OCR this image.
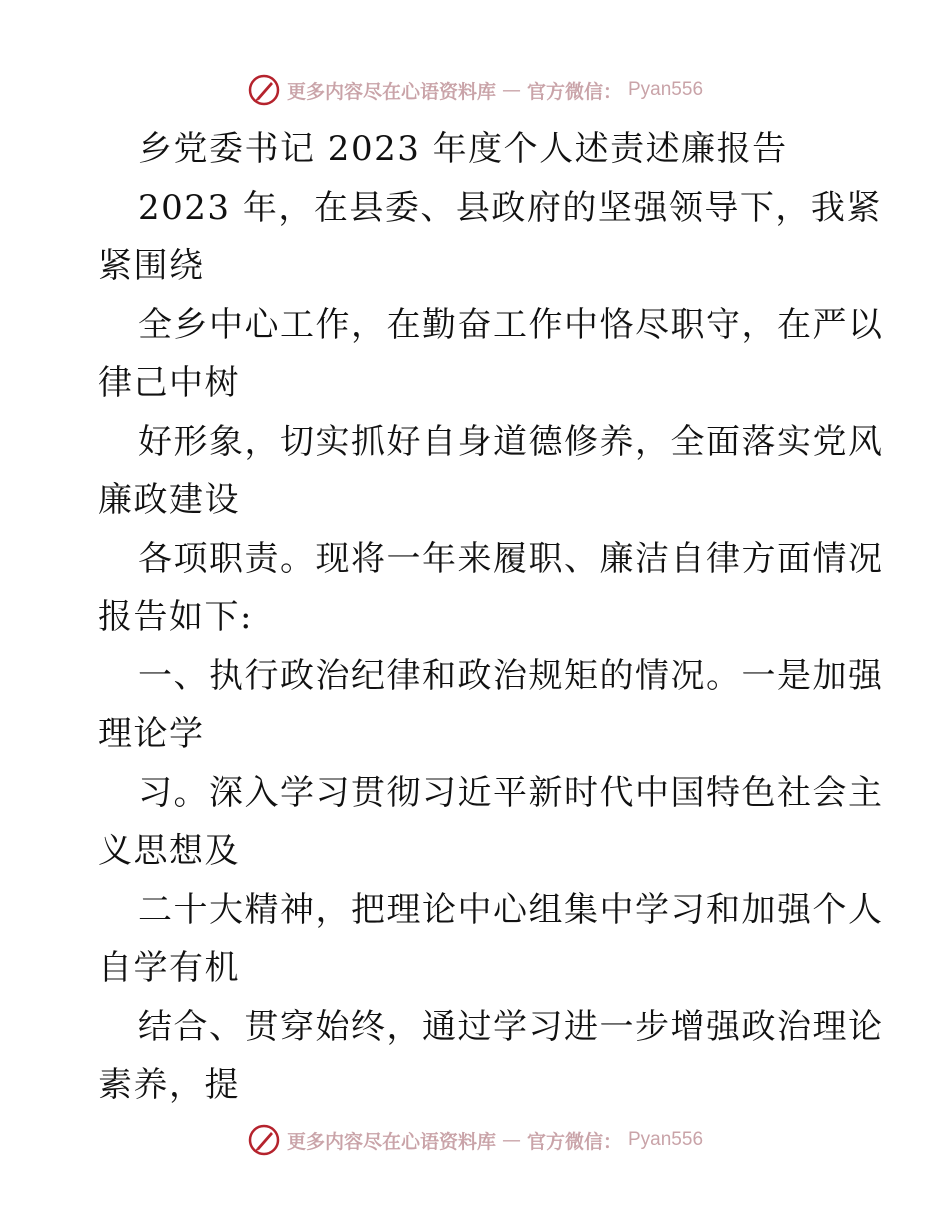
更多内容尽在心语资料库 — 官方微信： Pyan556
乡党委书记 2023 年度个人述责述廉报告
2023 年，在县委、县政府的坚强领导下，我紧
紧围绕
全乡中心工作，在勤奋工作中恪尽职守，在严以
律己中树
好形象，切实抓好自身道德修养，全面落实党风
廉政建设
各项职责。现将一年来履职、廉洁自律方面情况
报告如下:
一、执行政治纪律和政治规矩的情况。一是加强
理论学
习。深入学习贯彻习近平新时代中国特色社会主
义思想及
二十大精神，把理论中心组集中学习和加强个人
自学有机
结合、贯穿始终，通过学习进一步增强政治理论
素养，提
更多内容尽在心语资料库 — 官方微信： Pyan556
